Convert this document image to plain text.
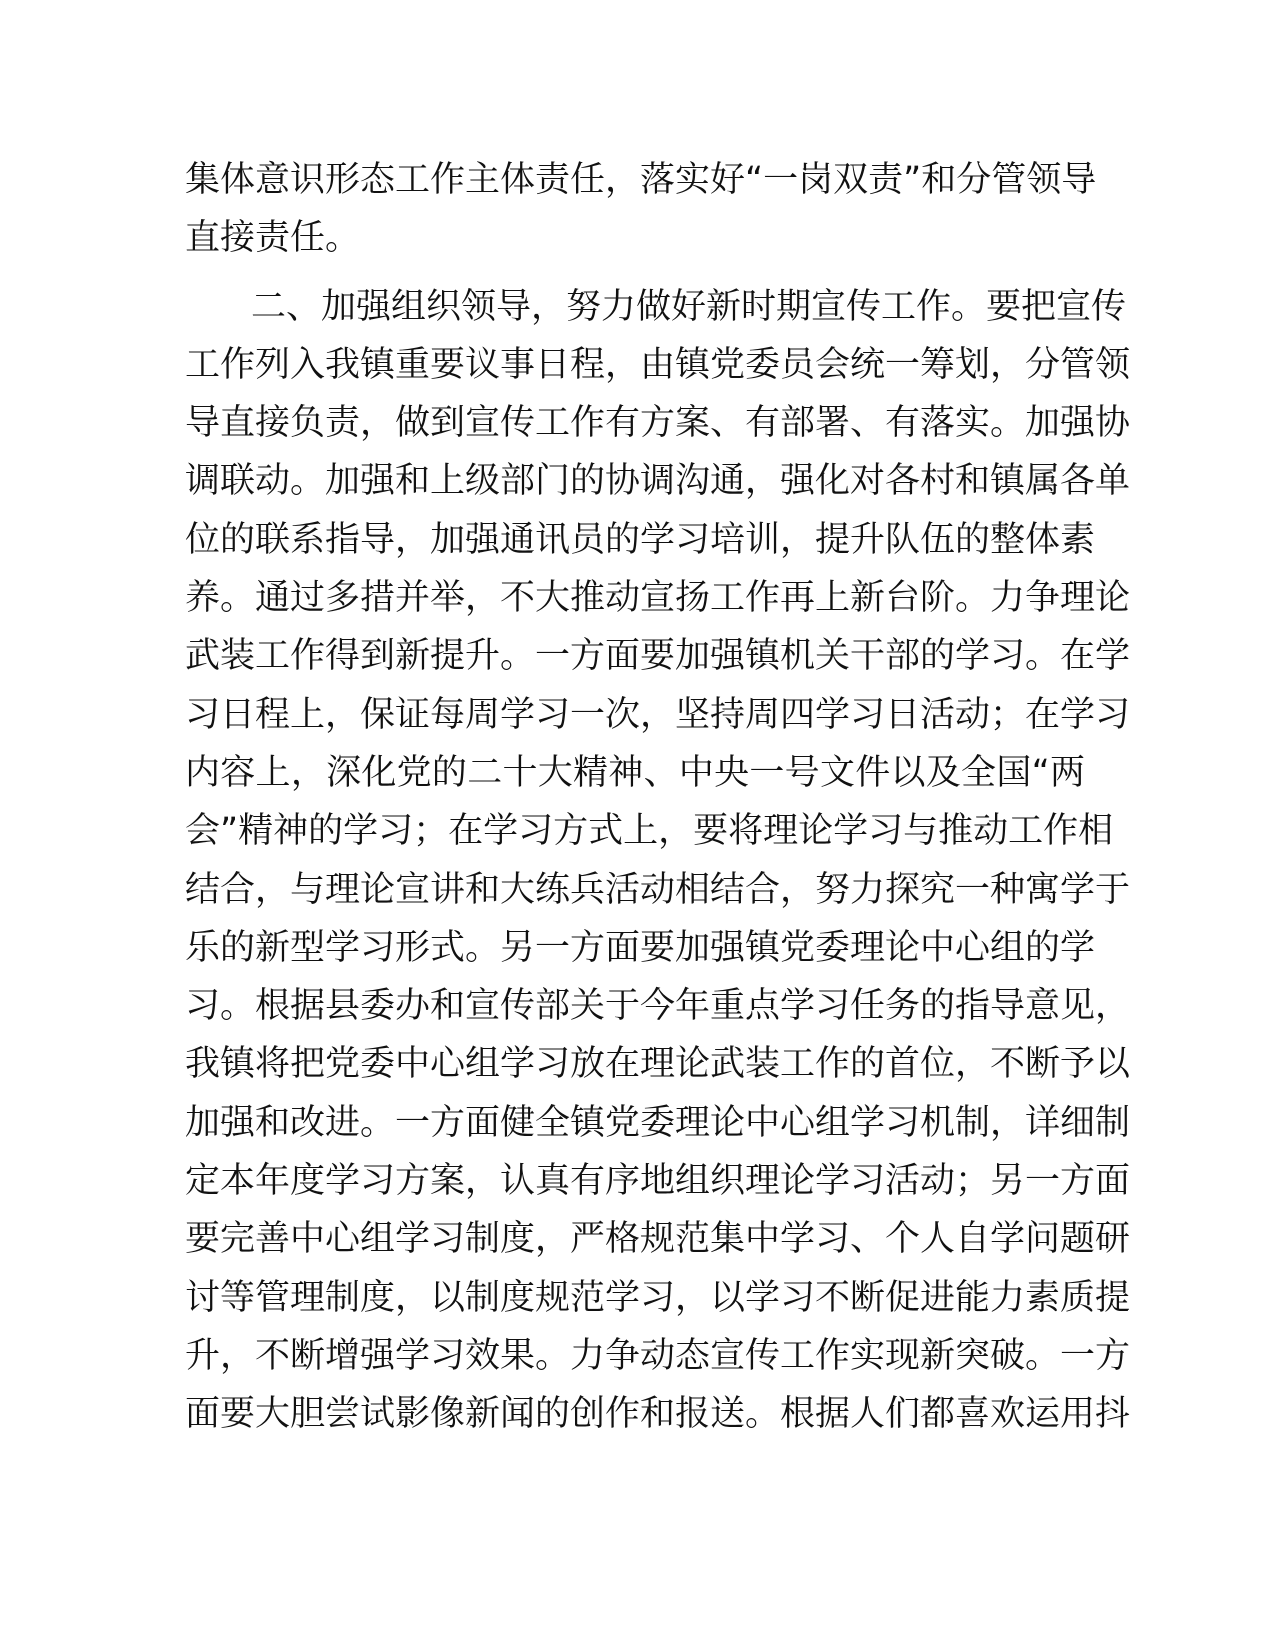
集体意识形态工作主体责任，落实好“一岗双责”和分管领导
直接责任。
二、加强组织领导，努力做好新时期宣传工作。要把宣传
工作列入我镇重要议事日程，由镇党委员会统一筹划，分管领
导直接负责，做到宣传工作有方案、有部署、有落实。加强协
调联动。加强和上级部门的协调沟通，强化对各村和镇属各单
位的联系指导，加强通讯员的学习培训，提升队伍的整体素
养。通过多措并举，不大推动宣扬工作再上新台阶。力争理论
武装工作得到新提升。一方面要加强镇机关干部的学习。在学
习日程上，保证每周学习一次，坚持周四学习日活动；在学习
内容上，深化党的二十大精神、中央一号文件以及全国“两
会”精神的学习；在学习方式上，要将理论学习与推动工作相
结合，与理论宣讲和大练兵活动相结合，努力探究一种寓学于
乐的新型学习形式。另一方面要加强镇党委理论中心组的学
习。根据县委办和宣传部关于今年重点学习任务的指导意见，
我镇将把党委中心组学习放在理论武装工作的首位，不断予以
加强和改进。一方面健全镇党委理论中心组学习机制，详细制
定本年度学习方案，认真有序地组织理论学习活动；另一方面
要完善中心组学习制度，严格规范集中学习、个人自学问题研
讨等管理制度，以制度规范学习，以学习不断促进能力素质提
升，不断增强学习效果。力争动态宣传工作实现新突破。一方
面要大胆尝试影像新闻的创作和报送。根据人们都喜欢运用抖
